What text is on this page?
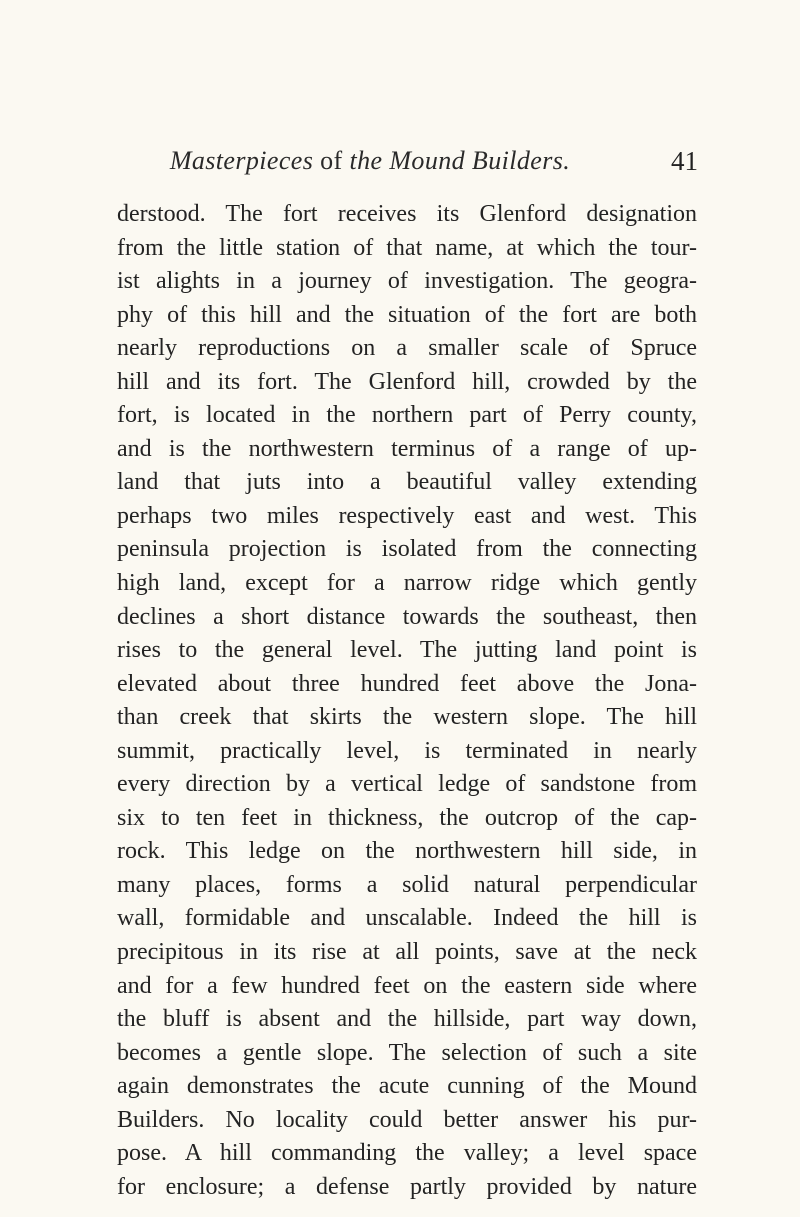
Masterpieces of the Mound Builders.	41
derstood. The fort receives its Glenford designation
from the little station of that name, at which the tour-
ist alights in a journey of investigation. The geogra-
phy of this hill and the situation of the fort are both
nearly reproductions on a smaller scale of Spruce
hill and its fort. The Glenford hill, crowded by the
fort, is located in the northern part of Perry county,
and is the northwestern terminus of a range of up-
land that juts into a beautiful valley extending
perhaps two miles respectively east and west. This
peninsula projection is isolated from the connecting
high land, except for a narrow ridge which gently
declines a short distance towards the southeast, then
rises to the general level. The jutting land point is
elevated about three hundred feet above the Jona-
than creek that skirts the western slope. The hill
summit, practically level, is terminated in nearly
every direction by a vertical ledge of sandstone from
six to ten feet in thickness, the outcrop of the cap-
rock. This ledge on the northwestern hill side, in
many places, forms a solid natural perpendicular
wall, formidable and unscalable. Indeed the hill is
precipitous in its rise at all points, save at the neck
and for a few hundred feet on the eastern side where
the bluff is absent and the hillside, part way down,
becomes a gentle slope. The selection of such a site
again demonstrates the acute cunning of the Mound
Builders. No locality could better answer his pur-
pose. A hill commanding the valley; a level space
for enclosure; a defense partly provided by nature
